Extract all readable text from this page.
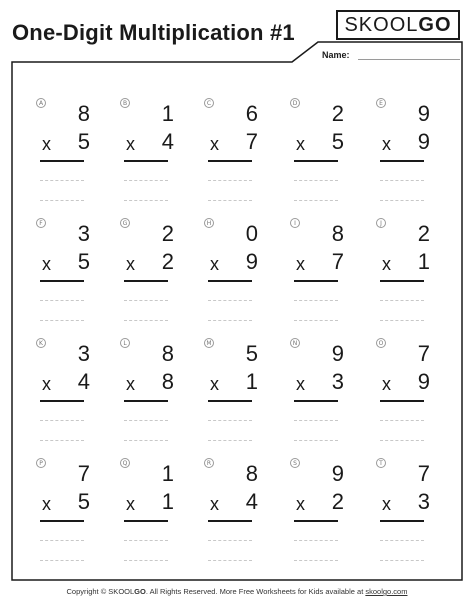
One-Digit Multiplication #1 SKOOL GO
Name:
A 8
x 5
B 1
x 4
C 6
x 7
D 2
x 5
E 9
x 9
F 3
x 5
G 2
x 2
H 0
x 9
I 8
x 7
J 2
x 1
K 3
x 4
L 8
x 8
M 5
x 1
N 9
x 3
O 7
x 9
P 7
x 5
Q 1
x 1
R 8
x 4
S 9
x 2
T 7
x 3
Copyright © SKOOLGO. All Rights Reserved. More Free Worksheets for Kids available at skoolgo.com
